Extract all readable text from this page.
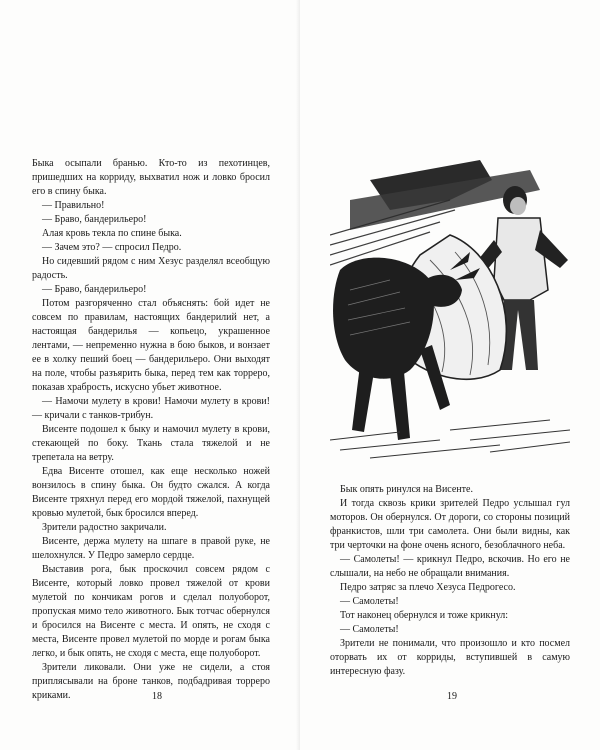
Быка осыпали бранью. Кто-то из пехотинцев, пришедших на корриду, выхватил нож и ловко бросил его в спину быка.

— Правильно!

— Браво, бандерильеро!

Алая кровь текла по спине быка.

— Зачем это? — спросил Педро.

Но сидевший рядом с ним Хезус разделял всеобщую радость.

— Браво, бандерильеро!

Потом разгоряченно стал объяснять: бой идет не совсем по правилам, настоящих бандерилий нет, а настоящая бандерилья — копьецо, украшенное лентами, — непременно нужна в бою быков, и вонзает ее в холку пеший боец — бандерильеро. Они выходят на поле, чтобы разъярить быка, перед тем как торреро, показав храбрость, искусно убьет животное.

— Намочи мулету в крови! Намочи мулету в крови! — кричали с танков-трибун.

Висенте подошел к быку и намочил мулету в крови, стекающей по боку. Ткань стала тяжелой и не трепетала на ветру.

Едва Висенте отошел, как еще несколько ножей вонзилось в спину быка. Он будто сжался. А когда Висенте тряхнул перед его мордой тяжелой, пахнущей кровью мулетой, бык бросился вперед.

Зрители радостно закричали.

Висенте, держа мулету на шпаге в правой руке, не шелохнулся. У Педро замерло сердце.

Выставив рога, бык проскочил совсем рядом с Висенте, который ловко провел тяжелой от крови мулетой по кончикам рогов и сделал полуоборот, пропуская мимо тело животного. Бык тотчас обернулся и бросился на Висенте с места. И опять, не сходя с места, Висенте провел мулетой по морде и рогам быка легко, и бык опять, не сходя с места, еще полуоборот.

Зрители ликовали. Они уже не сидели, а стоя приплясывали на броне танков, подбадривая торреро криками.	18

Бык опять ринулся на Висенте.

И тогда сквозь крики зрителей Педро услышал гул моторов. Он обернулся. От дороги, со стороны позиций франкистов, шли три самолета. Они были видны, как три черточки на фоне очень ясного, безоблачного неба.

— Самолеты! — крикнул Педро, вскочив. Но его не слышали, на небо не обращали внимания.

Педро затряс за плечо Хезуса Педрогесо.

— Самолеты!

Тот наконец обернулся и тоже крикнул:

— Самолеты!

Зрители не понимали, что произошло и кто посмел оторвать их от корриды, вступившей в самую интересную фазу.

19
